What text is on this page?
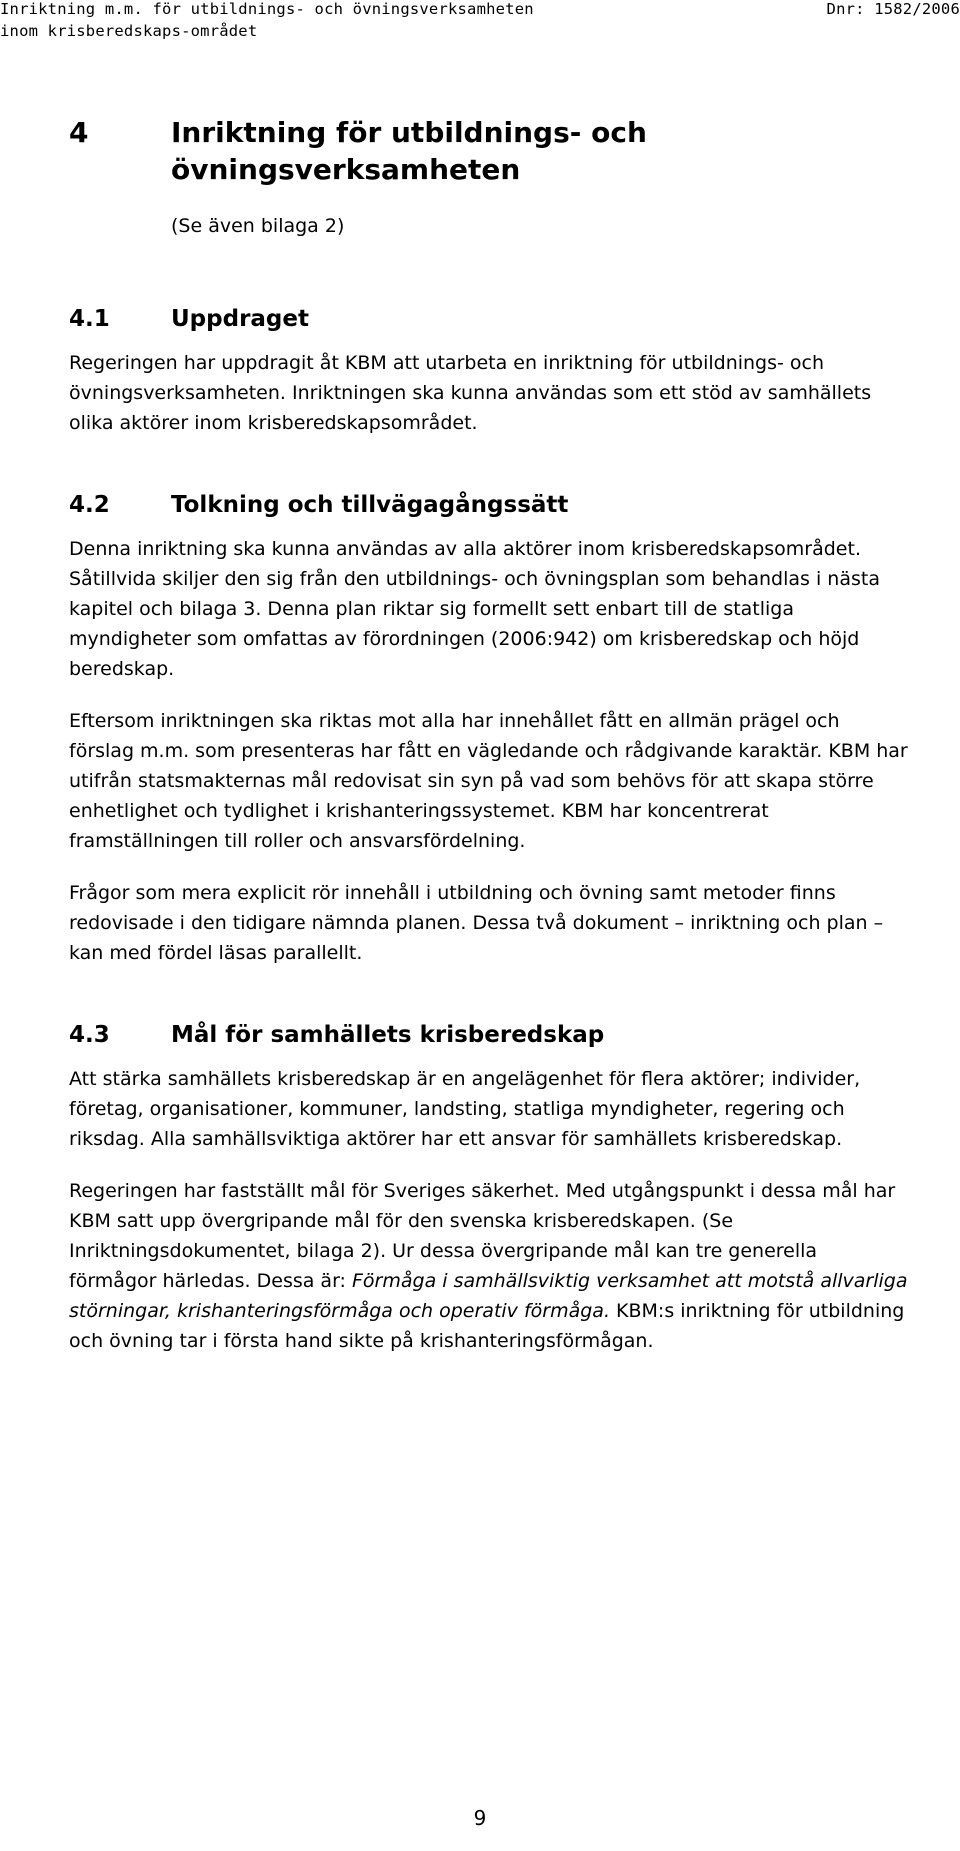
Inriktning m.m. för utbildnings- och övningsverksamheten
inom krisberedskaps-området
Dnr: 1582/2006
4	Inriktning för utbildnings- och övningsverksamheten
(Se även bilaga 2)
4.1	Uppdraget

Regeringen har uppdragit åt KBM att utarbeta en inriktning för utbildnings- och övningsverksamheten. Inriktningen ska kunna användas som ett stöd av samhällets olika aktörer inom krisberedskapsområdet.

4.2	Tolkning och tillvägagångssätt

Denna inriktning ska kunna användas av alla aktörer inom krisberedskapsområdet. Såtillvida skiljer den sig från den utbildnings- och övningsplan som behandlas i nästa kapitel och bilaga 3. Denna plan riktar sig formellt sett enbart till de statliga myndigheter som omfattas av förordningen (2006:942) om krisberedskap och höjd beredskap.

Eftersom inriktningen ska riktas mot alla har innehållet fått en allmän prägel och förslag m.m. som presenteras har fått en vägledande och rådgivande karaktär. KBM har utifrån statsmakternas mål redovisat sin syn på vad som behövs för att skapa större enhetlighet och tydlighet i krishanteringssystemet. KBM har koncentrerat framställningen till roller och ansvarsfördelning.

Frågor som mera explicit rör innehåll i utbildning och övning samt metoder finns redovisade i den tidigare nämnda planen. Dessa två dokument – inriktning och plan – kan med fördel läsas parallellt.

4.3	Mål för samhällets krisberedskap

Att stärka samhällets krisberedskap är en angelägenhet för flera aktörer; individer, företag, organisationer, kommuner, landsting, statliga myndigheter, regering och riksdag. Alla samhällsviktiga aktörer har ett ansvar för samhällets krisberedskap.

Regeringen har fastställt mål för Sveriges säkerhet. Med utgångspunkt i dessa mål har KBM satt upp övergripande mål för den svenska krisberedskapen. (Se Inriktningsdokumentet, bilaga 2). Ur dessa övergripande mål kan tre generella förmågor härledas. Dessa är: Förmåga i samhällsviktig verksamhet att motstå allvarliga störningar, krishanteringsförmåga och operativ förmåga. KBM:s inriktning för utbildning och övning tar i första hand sikte på krishanteringsförmågan.

9
